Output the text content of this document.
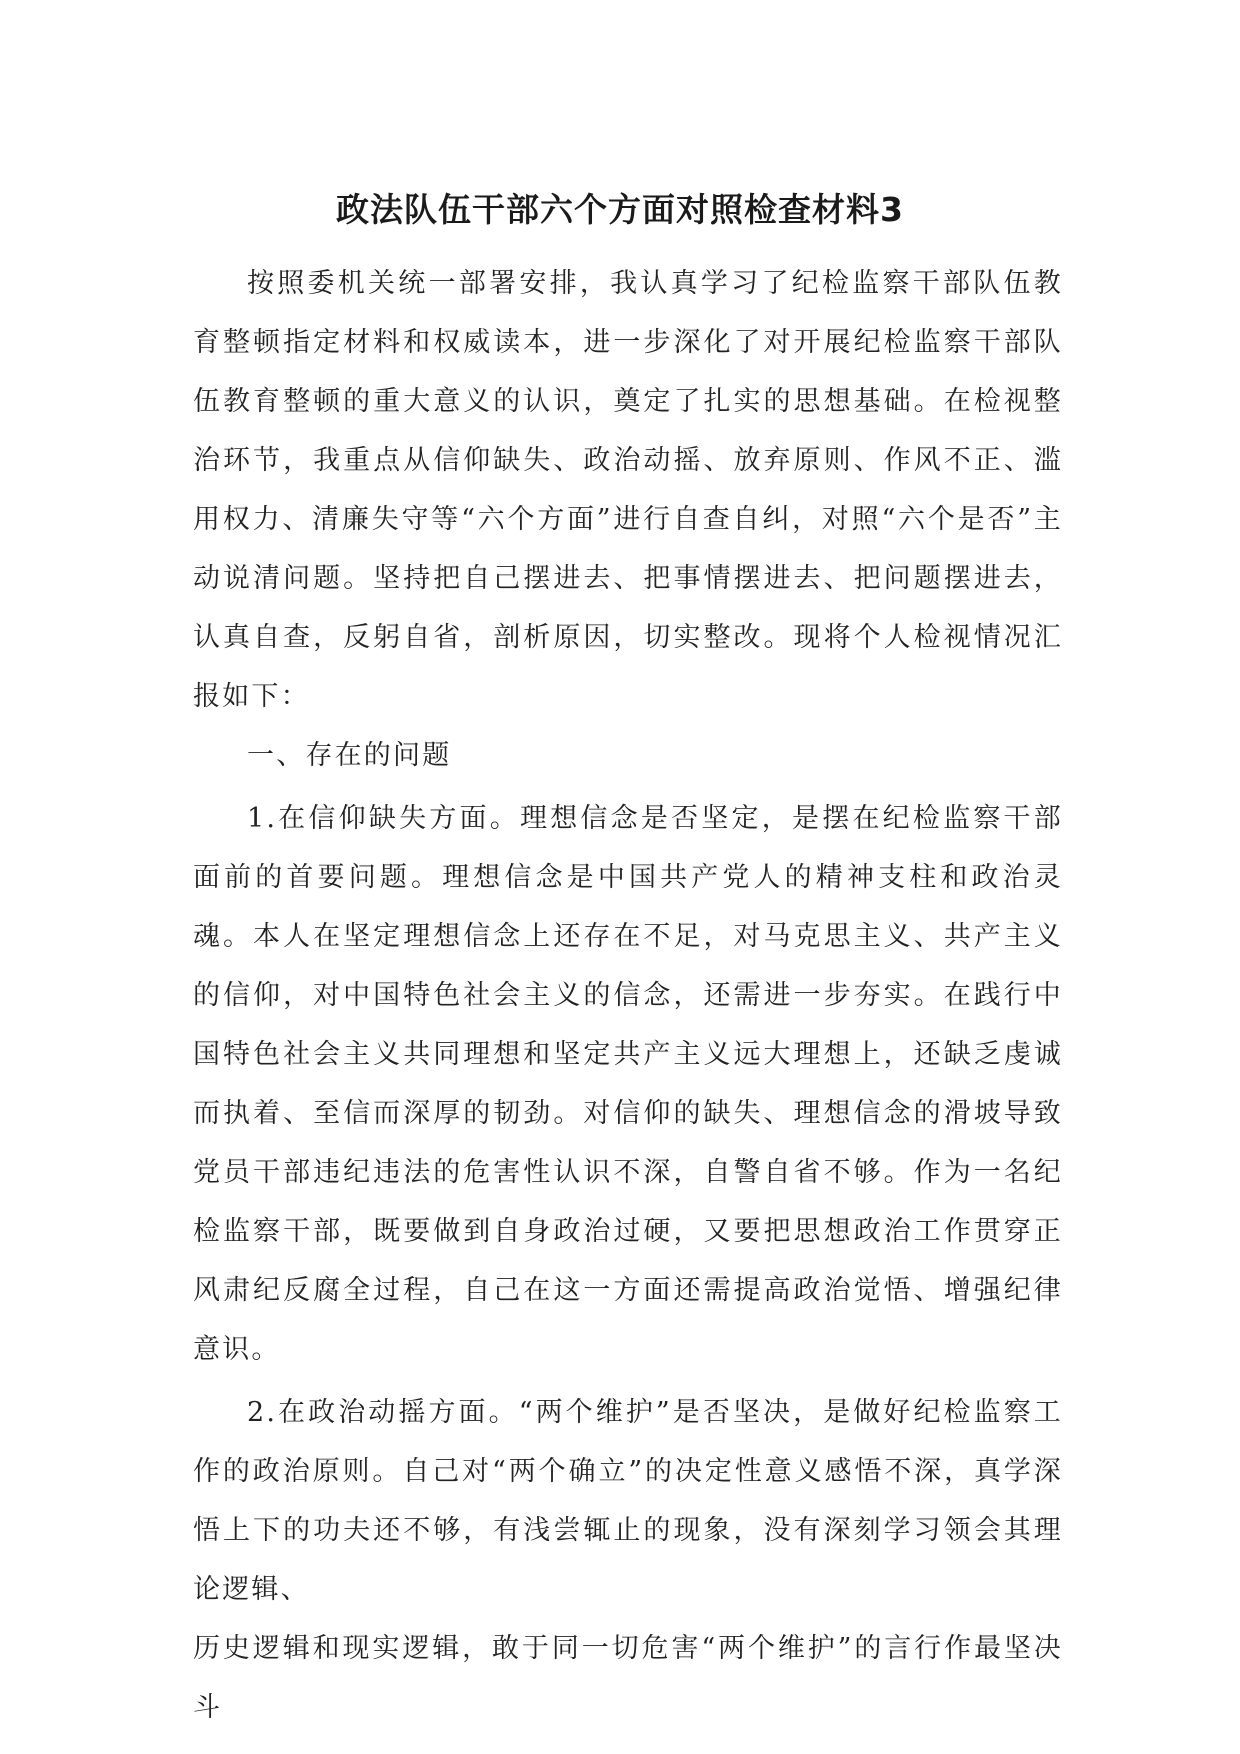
政法队伍干部六个方面对照检查材料3

按照委机关统一部署安排，我认真学习了纪检监察干部队伍教育整顿指定材料和权威读本，进一步深化了对开展纪检监察干部队伍教育整顿的重大意义的认识，奠定了扎实的思想基础。在检视整治环节，我重点从信仰缺失、政治动摇、放弃原则、作风不正、滥用权力、清廉失守等“六个方面”进行自查自纠，对照“六个是否”主动说清问题。坚持把自己摆进去、把事情摆进去、把问题摆进去，认真自查，反躬自省，剖析原因，切实整改。现将个人检视情况汇报如下：

一、存在的问题

1.在信仰缺失方面。理想信念是否坚定，是摆在纪检监察干部面前的首要问题。理想信念是中国共产党人的精神支柱和政治灵魂。本人在坚定理想信念上还存在不足，对马克思主义、共产主义的信仰，对中国特色社会主义的信念，还需进一步夯实。在践行中国特色社会主义共同理想和坚定共产主义远大理想上，还缺乏虔诚而执着、至信而深厚的韧劲。对信仰的缺失、理想信念的滑坡导致党员干部违纪违法的危害性认识不深，自警自省不够。作为一名纪检监察干部，既要做到自身政治过硬，又要把思想政治工作贯穿正风肃纪反腐全过程，自己在这一方面还需提高政治觉悟、增强纪律意识。

2.在政治动摇方面。“两个维护”是否坚决，是做好纪检监察工作的政治原则。自己对“两个确立”的决定性意义感悟不深，真学深悟上下的功夫还不够，有浅尝辄止的现象，没有深刻学习领会其理论逻辑、

历史逻辑和现实逻辑，敢于同一切危害“两个维护”的言行作最坚决斗
